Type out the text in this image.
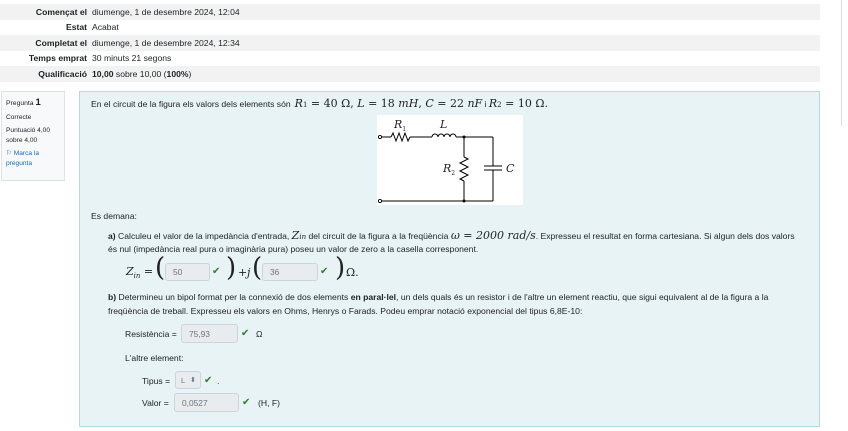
Començat el diumenge, 1 de desembre 2024, 12:04
Estat Acabat
Completat el diumenge, 1 de desembre 2024, 12:34
Temps emprat 30 minuts 21 segons
Qualificació 10,00 sobre 10,00 (100%)
Pregunta 1
Correcte
Puntuació 4,00
sobre 4,00
⚐ Marca la
pregunta
En el circuit de la figura els valors dels elements són R 1 = 40 Ω, L = 18 mH , C = 22 nF i R 2 = 10 Ω.
$R_1$	L
$R_2$	C
Es demana:
a) Calculeu el valor de la impedància d'entrada, Z in del circuit de la figura a la freqüència ω = 2000 rad/s . Expresseu el resultat en forma cartesiana. Si algun dels dos valors
és nul (impedància real pura o imaginària pura) poseu un valor de zero a la casella corresponent.
$Z_{in}$ = ( 50	✔ ) + j ( 36	✔ ) Ω.
b) Determineu un bipol format per la connexió de dos elements en paral·lel , un dels quals és un resistor i de l'altre un element reactiu, que sigui equivalent al de la figura a la
freqüència de treball. Expresseu els valors en Ohms, Henrys o Farads. Podeu emprar notació exponencial del tipus 6,8E-10:
Resistència = 75,93	✔ Ω
L'altre element:
Tipus = L ⬍ ✔ .
Valor = 0,0527	✔ (H, F)
